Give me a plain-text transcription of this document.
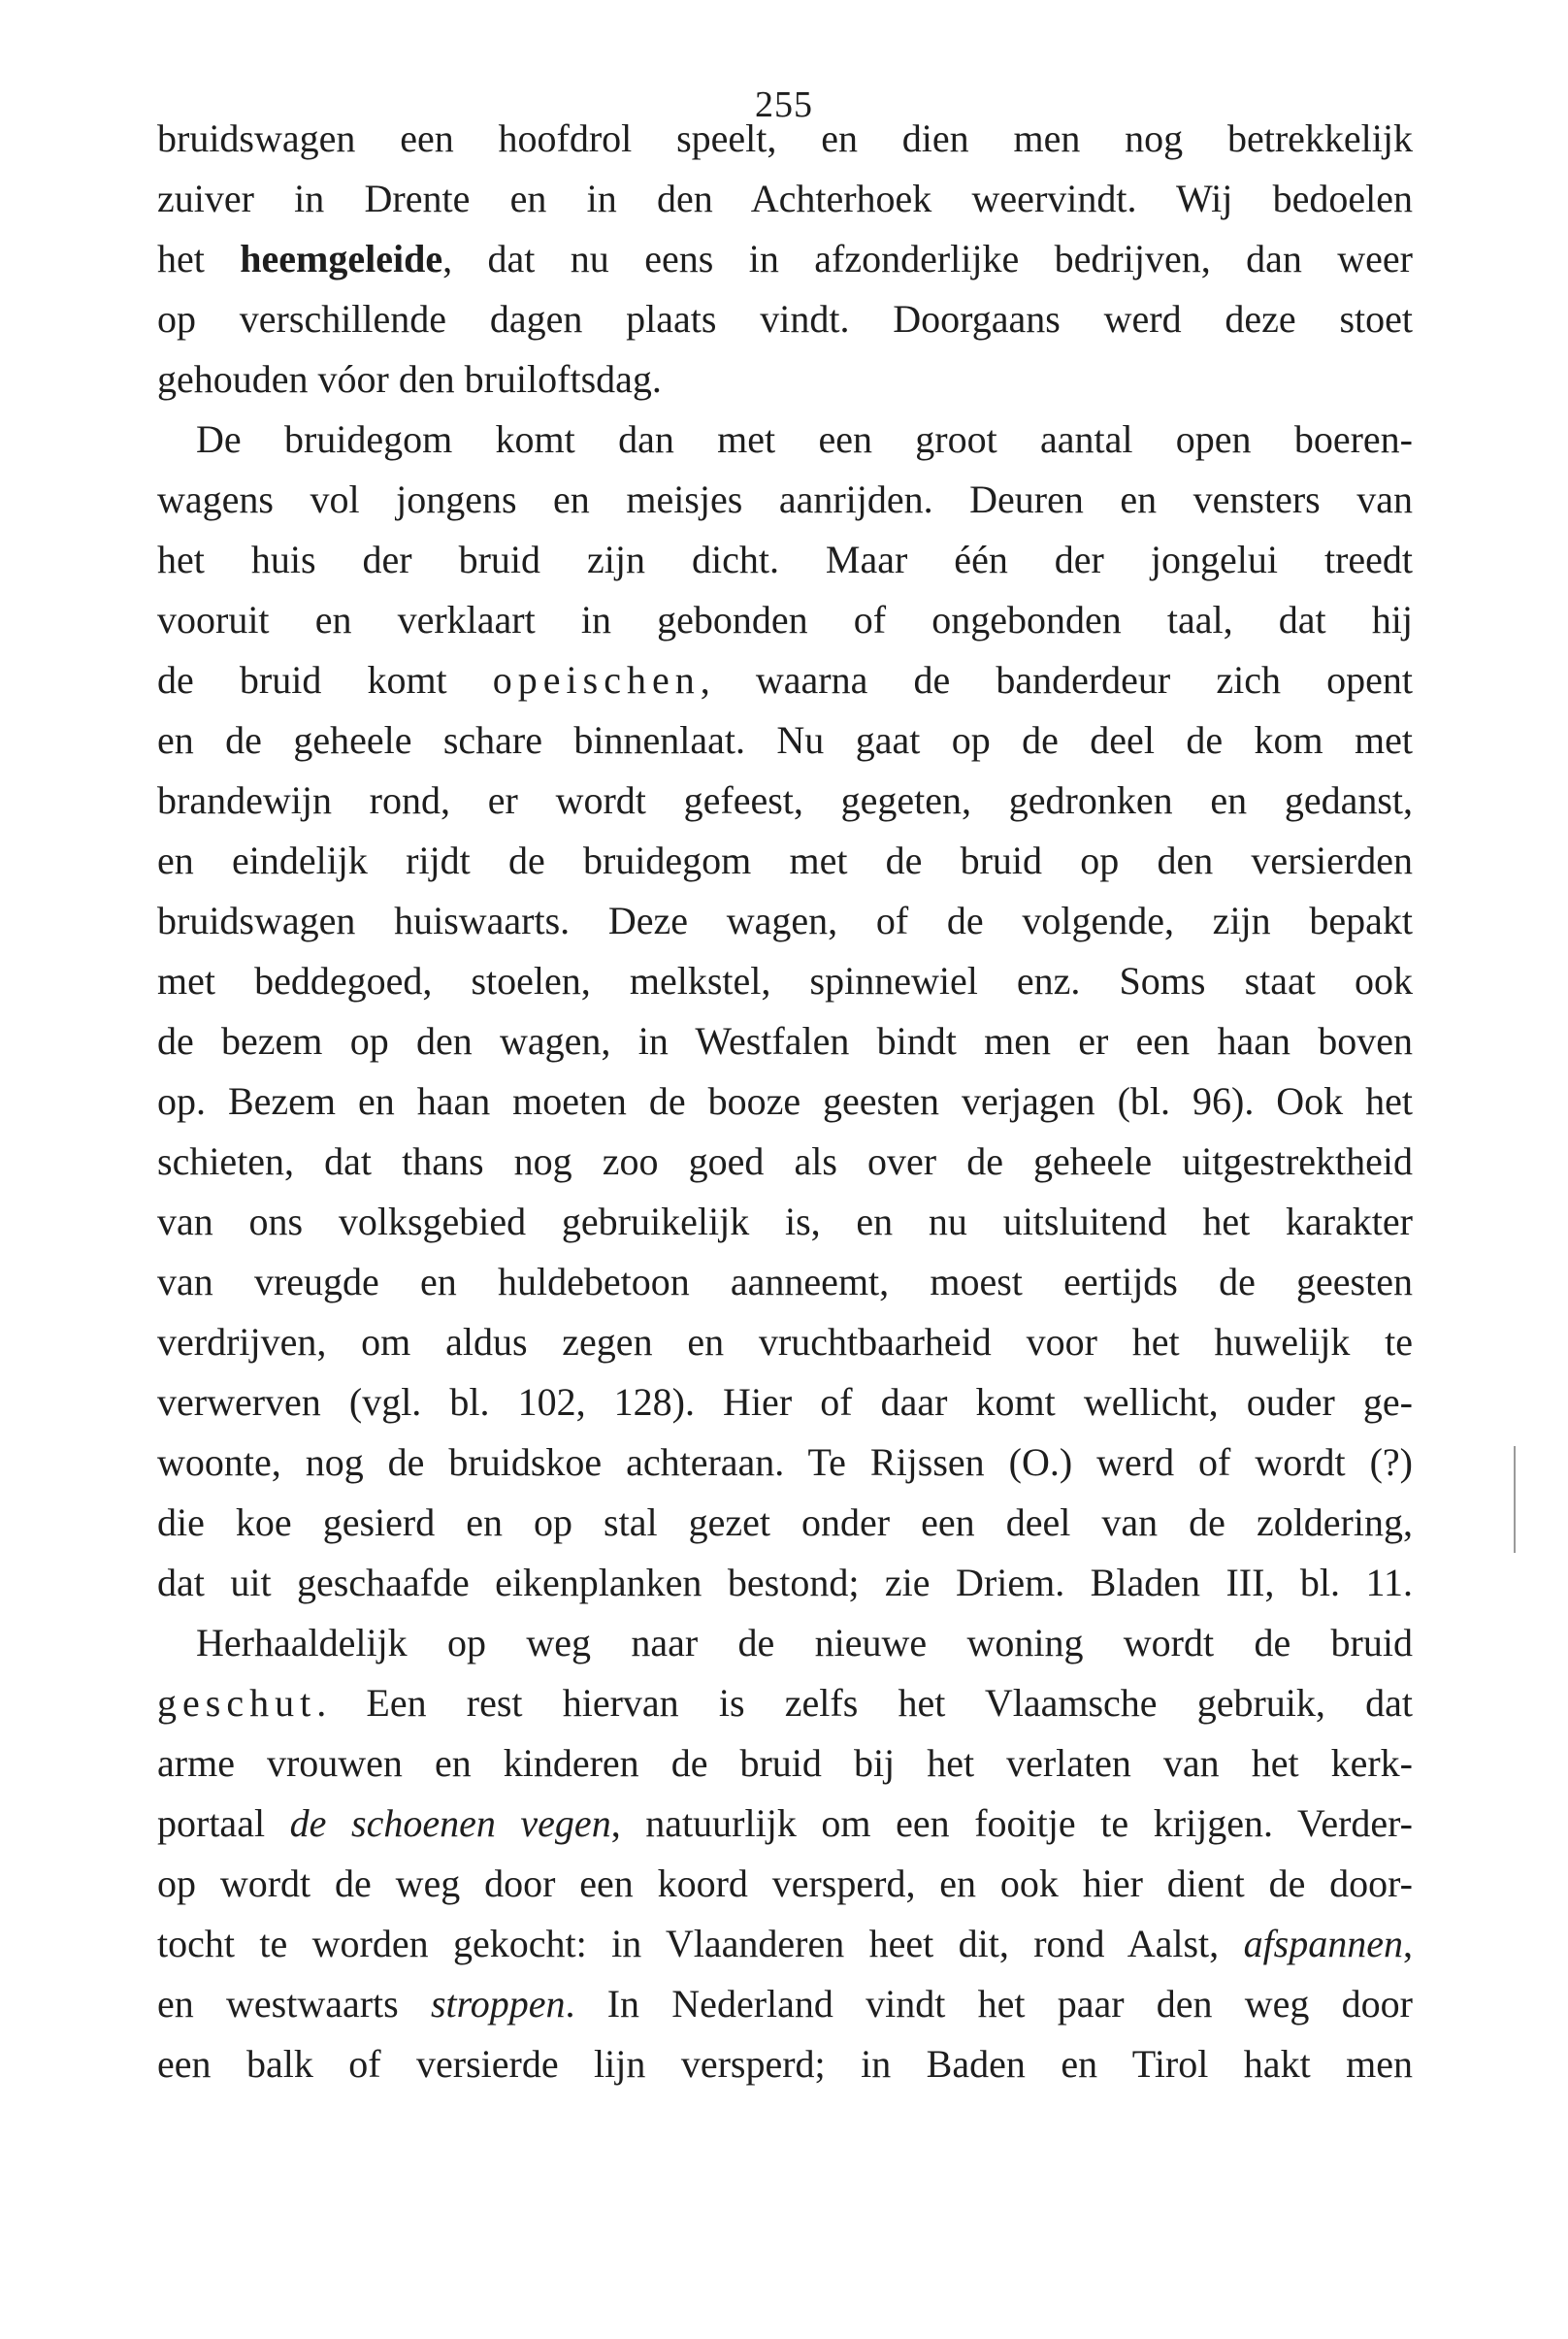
255
bruidswagen een hoofdrol speelt, en dien men nog betrekkelijk
zuiver in Drente en in den Achterhoek weervindt. Wij bedoelen
het heemgeleide, dat nu eens in afzonderlijke bedrijven, dan weer
op verschillende dagen plaats vindt. Doorgaans werd deze stoet
gehouden vóor den bruiloftsdag.
De bruidegom komt dan met een groot aantal open boeren-
wagens vol jongens en meisjes aanrijden. Deuren en vensters van
het huis der bruid zijn dicht. Maar één der jongelui treedt
vooruit en verklaart in gebonden of ongebonden taal, dat hij
de bruid komt opeischen, waarna de banderdeur zich opent
en de geheele schare binnenlaat. Nu gaat op de deel de kom met
brandewijn rond, er wordt gefeest, gegeten, gedronken en gedanst,
en eindelijk rijdt de bruidegom met de bruid op den versierden
bruidswagen huiswaarts. Deze wagen, of de volgende, zijn bepakt
met beddegoed, stoelen, melkstel, spinnewiel enz. Soms staat ook
de bezem op den wagen, in Westfalen bindt men er een haan boven
op. Bezem en haan moeten de booze geesten verjagen (bl. 96). Ook het
schieten, dat thans nog zoo goed als over de geheele uitgestrektheid
van ons volksgebied gebruikelijk is, en nu uitsluitend het karakter
van vreugde en huldebetoon aanneemt, moest eertijds de geesten
verdrijven, om aldus zegen en vruchtbaarheid voor het huwelijk te
verwerven (vgl. bl. 102, 128). Hier of daar komt wellicht, ouder ge-
woonte, nog de bruidskoe achteraan. Te Rijssen (O.) werd of wordt (?)
die koe gesierd en op stal gezet onder een deel van de zoldering,
dat uit geschaafde eikenplanken bestond; zie Driem. Bladen III, bl. 11.
Herhaaldelijk op weg naar de nieuwe woning wordt de bruid
geschut. Een rest hiervan is zelfs het Vlaamsche gebruik, dat
arme vrouwen en kinderen de bruid bij het verlaten van het kerk-
portaal de schoenen vegen, natuurlijk om een fooitje te krijgen. Verder-
op wordt de weg door een koord versperd, en ook hier dient de door-
tocht te worden gekocht: in Vlaanderen heet dit, rond Aalst, afspannen,
en westwaarts stroppen. In Nederland vindt het paar den weg door
een balk of versierde lijn versperd; in Baden en Tirol hakt men
